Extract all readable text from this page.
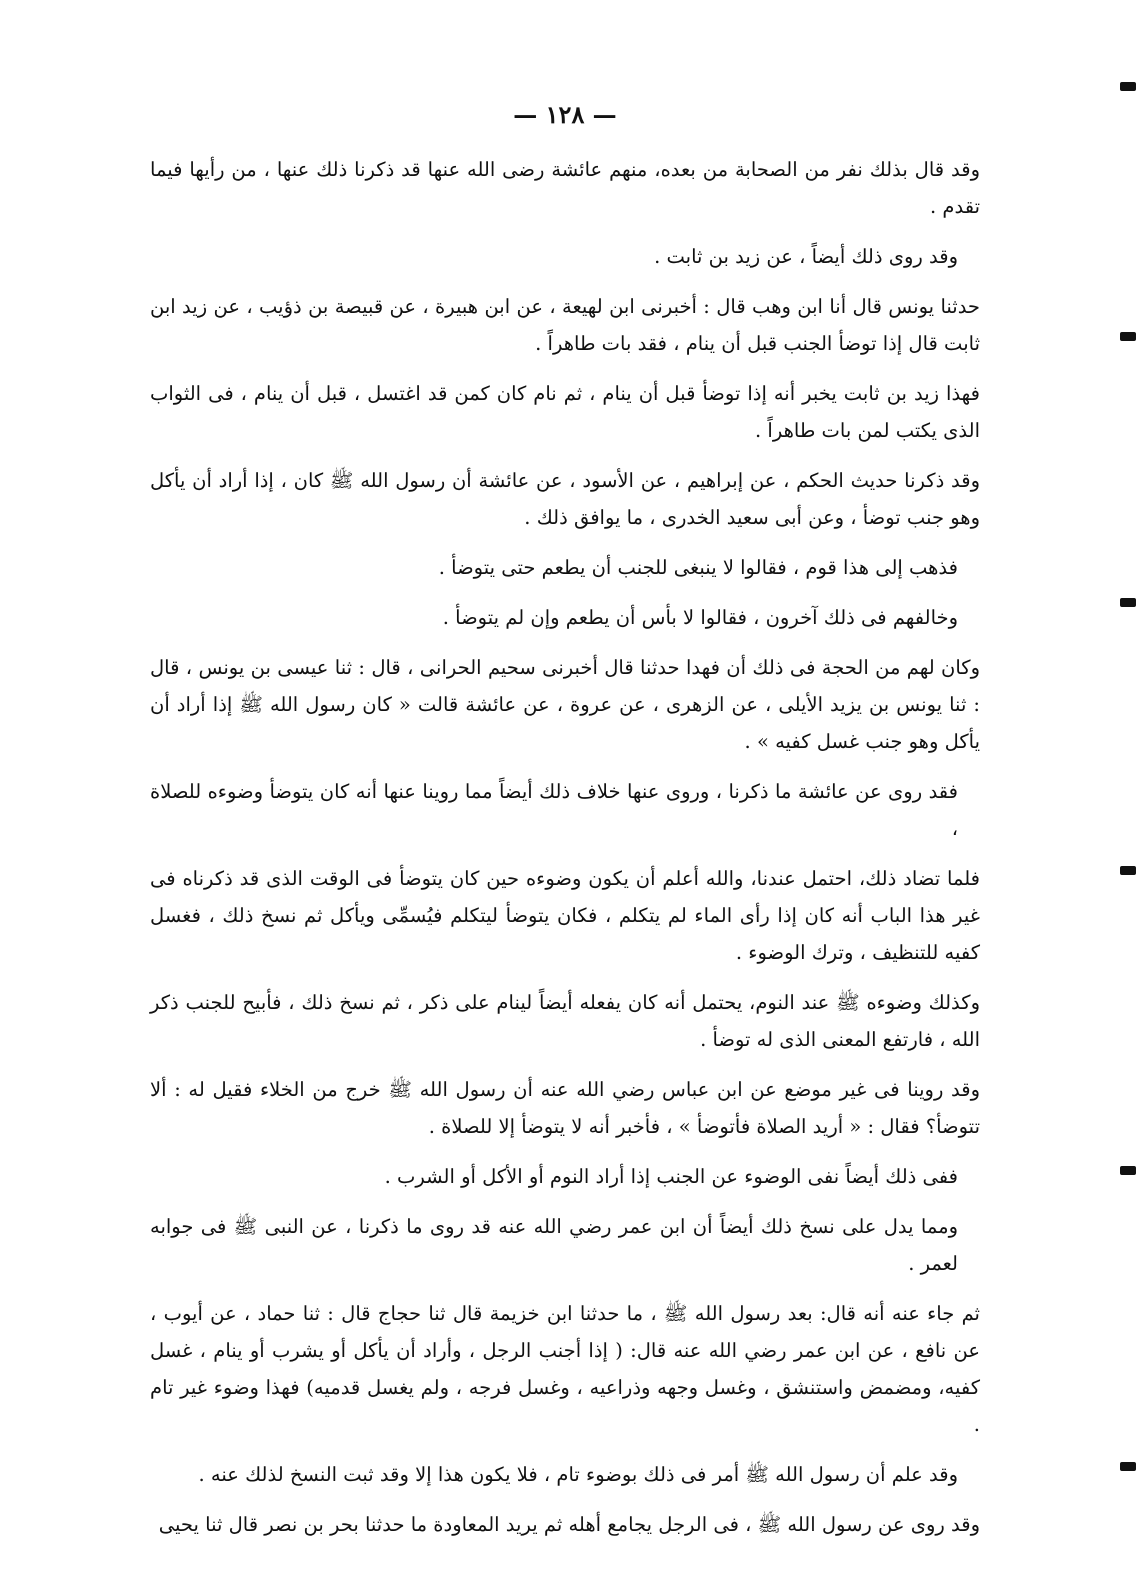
— ١٢٨ —

وقد قال بذلك نفر من الصحابة من بعده، منهم عائشة رضى الله عنها قد ذكرنا ذلك عنها ، من رأيها فيما تقدم .

وقد روى ذلك أيضاً ، عن زيد بن ثابت .

حدثنا يونس قال أنا ابن وهب قال : أخبرنى ابن لهيعة ، عن ابن هبيرة ، عن قبيصة بن ذؤيب ، عن زيد ابن ثابت قال إذا توضأ الجنب قبل أن ينام ، فقد بات طاهراً .

فهذا زيد بن ثابت يخبر أنه إذا توضأ قبل أن ينام ، ثم نام كان كمن قد اغتسل ، قبل أن ينام ، فى الثواب الذى يكتب لمن بات طاهراً .

وقد ذكرنا حديث الحكم ، عن إبراهيم ، عن الأسود ، عن عائشة أن رسول الله ﷺ كان ، إذا أراد أن يأكل وهو جنب توضأ ، وعن أبى سعيد الخدرى ، ما يوافق ذلك .

فذهب إلى هذا قوم ، فقالوا لا ينبغى للجنب أن يطعم حتى يتوضأ .

وخالفهم فى ذلك آخرون ، فقالوا لا بأس أن يطعم وإن لم يتوضأ .

وكان لهم من الحجة فى ذلك أن فهدا حدثنا قال أخبرنى سحيم الحرانى ، قال : ثنا عيسى بن يونس ، قال : ثنا يونس بن يزيد الأيلى ، عن الزهرى ، عن عروة ، عن عائشة قالت « كان رسول الله ﷺ إذا أراد أن يأكل وهو جنب غسل كفيه » .

فقد روى عن عائشة ما ذكرنا ، وروى عنها خلاف ذلك أيضاً مما روينا عنها أنه كان يتوضأ وضوءه للصلاة ،

فلما تضاد ذلك، احتمل عندنا، والله أعلم أن يكون وضوءه حين كان يتوضأ فى الوقت الذى قد ذكرناه فى غير هذا الباب أنه كان إذا رأى الماء لم يتكلم ، فكان يتوضأ ليتكلم فيُسمِّى ويأكل ثم نسخ ذلك ، فغسل كفيه للتنظيف ، وترك الوضوء .

وكذلك وضوءه ﷺ عند النوم، يحتمل أنه كان يفعله أيضاً لينام على ذكر ، ثم نسخ ذلك ، فأبيح للجنب ذكر الله ، فارتفع المعنى الذى له توضأ .

وقد روينا فى غير موضع عن ابن عباس رضي الله عنه أن رسول الله ﷺ خرج من الخلاء فقيل له : ألا تتوضأ؟ فقال : « أريد الصلاة فأتوضأ » ، فأخبر أنه لا يتوضأ إلا للصلاة .

ففى ذلك أيضاً نفى الوضوء عن الجنب إذا أراد النوم أو الأكل أو الشرب .

ومما يدل على نسخ ذلك أيضاً أن ابن عمر رضي الله عنه قد روى ما ذكرنا ، عن النبى ﷺ فى جوابه لعمر .

ثم جاء عنه أنه قال: بعد رسول الله ﷺ ، ما حدثنا ابن خزيمة قال ثنا حجاج قال : ثنا حماد ، عن أيوب ، عن نافع ، عن ابن عمر رضي الله عنه قال: ( إذا أجنب الرجل ، وأراد أن يأكل أو يشرب أو ينام ، غسل كفيه، ومضمض واستنشق ، وغسل وجهه وذراعيه ، وغسل فرجه ، ولم يغسل قدميه) فهذا وضوء غير تام .

وقد علم أن رسول الله ﷺ أمر فى ذلك بوضوء تام ، فلا يكون هذا إلا وقد ثبت النسخ لذلك عنه .

وقد روى عن رسول الله ﷺ ، فى الرجل يجامع أهله ثم يريد المعاودة ما حدثنا بحر بن نصر قال ثنا يحيى
